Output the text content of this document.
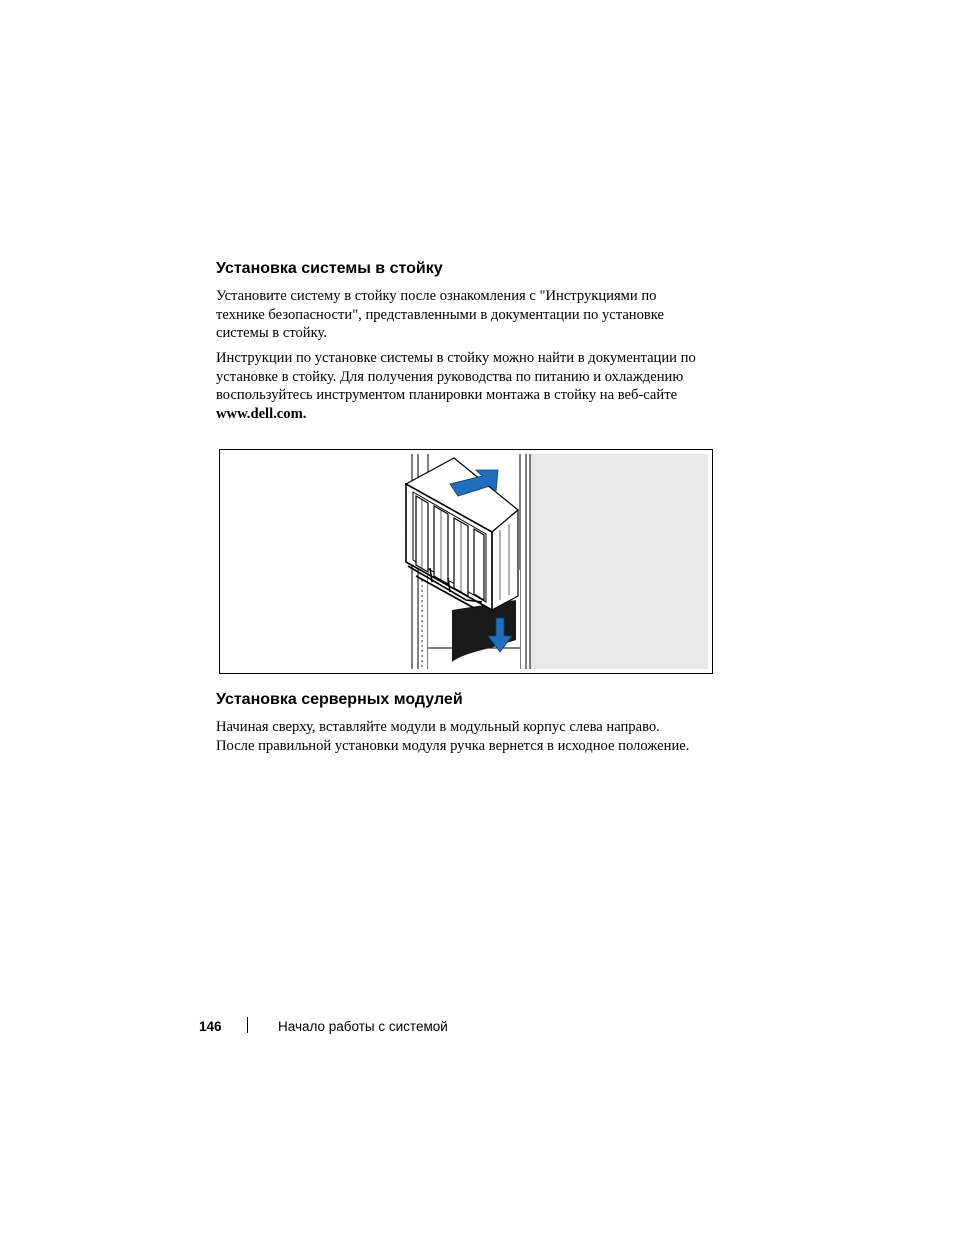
Установка системы в стойку

Установите систему в стойку после ознакомления с "Инструкциями по
технике безопасности", представленными в документации по установке
системы в стойку.

Инструкции по установке системы в стойку можно найти в документации по
установке в стойку. Для получения руководства по питанию и охлаждению
воспользуйтесь инструментом планировки монтажа в стойку на веб-сайте
www.dell.com.

Установка серверных модулей

Начиная сверху, вставляйте модули в модульный корпус слева направо.
После правильной установки модуля ручка вернется в исходное положение.

146	Начало работы с системой
